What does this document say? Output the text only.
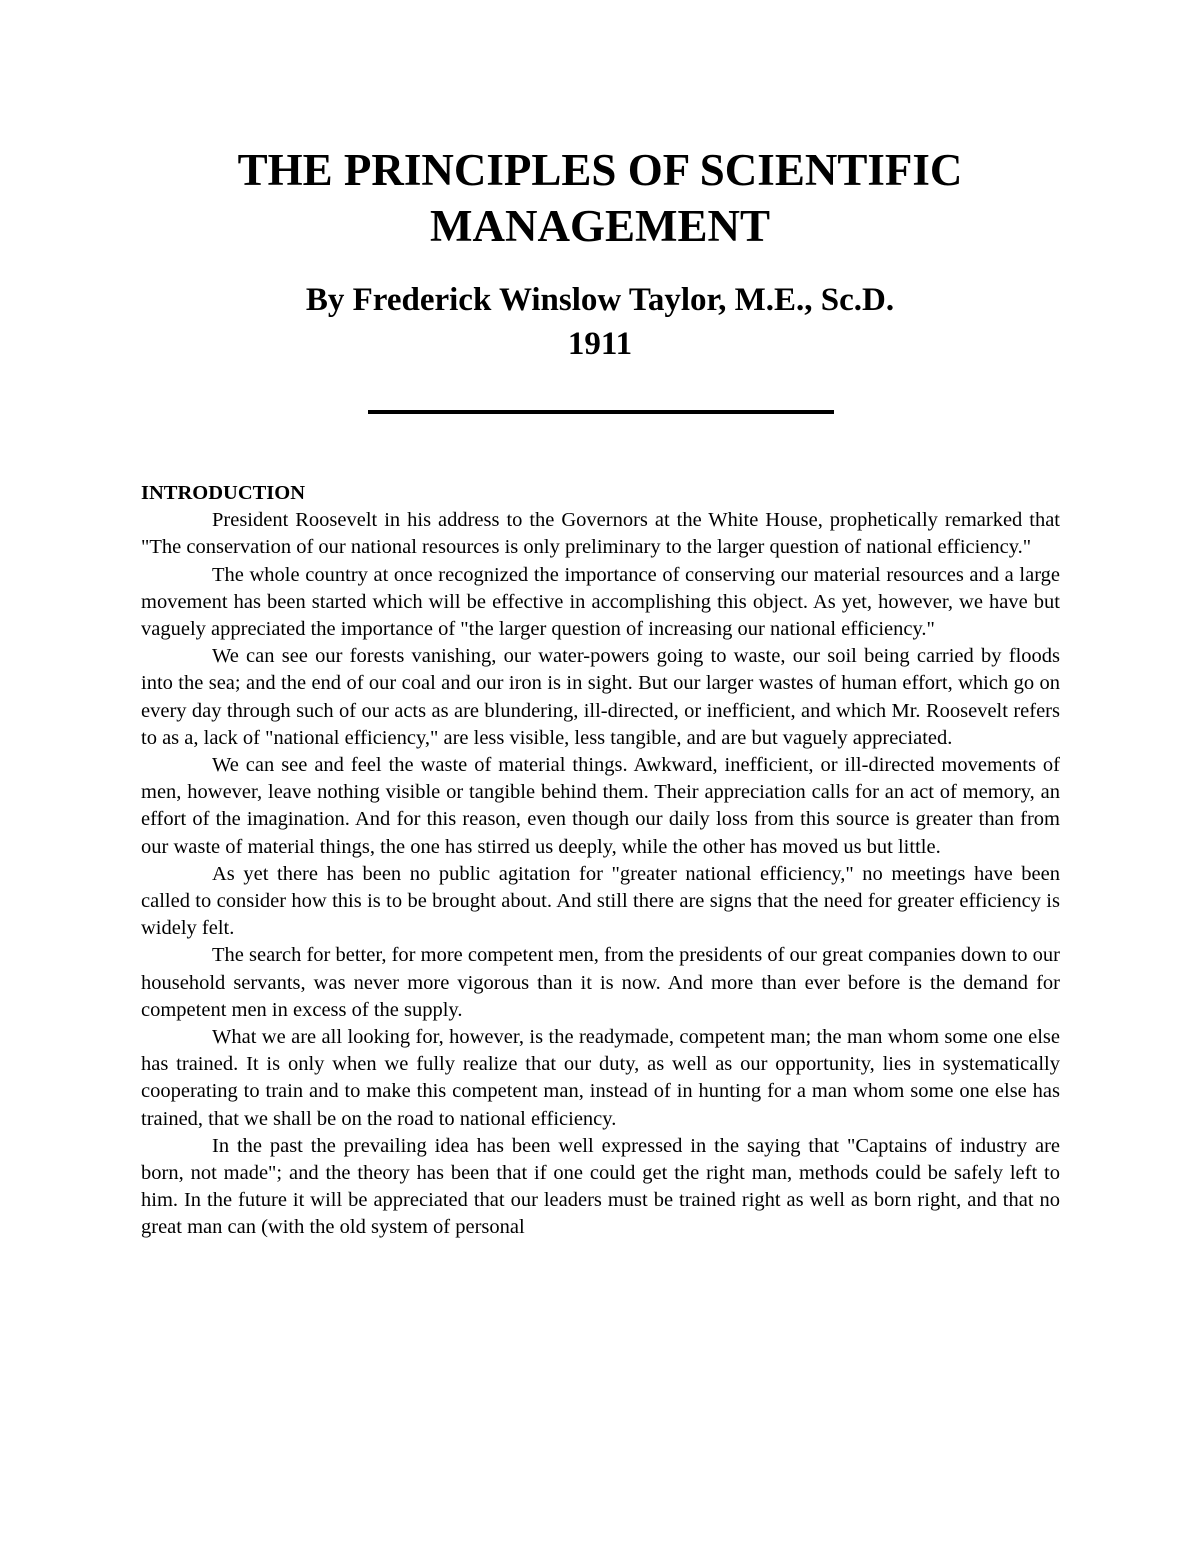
THE PRINCIPLES OF SCIENTIFIC
MANAGEMENT
By Frederick Winslow Taylor, M.E., Sc.D.
1911

INTRODUCTION

President Roosevelt in his address to the Governors at the White House, prophetically remarked that "The conservation of our national resources is only preliminary to the larger question of national efficiency."

The whole country at once recognized the importance of conserving our material resources and a large movement has been started which will be effective in accomplishing this object. As yet, however, we have but vaguely appreciated the importance of "the larger question of increasing our national efficiency."

We can see our forests vanishing, our water-powers going to waste, our soil being carried by floods into the sea; and the end of our coal and our iron is in sight. But our larger wastes of human effort, which go on every day through such of our acts as are blundering, ill-directed, or inefficient, and which Mr. Roosevelt refers to as a, lack of "national efficiency," are less visible, less tangible, and are but vaguely appreciated.

We can see and feel the waste of material things. Awkward, inefficient, or ill-directed movements of men, however, leave nothing visible or tangible behind them. Their appreciation calls for an act of memory, an effort of the imagination. And for this reason, even though our daily loss from this source is greater than from our waste of material things, the one has stirred us deeply, while the other has moved us but little.

As yet there has been no public agitation for "greater national efficiency," no meetings have been called to consider how this is to be brought about. And still there are signs that the need for greater efficiency is widely felt.

The search for better, for more competent men, from the presidents of our great companies down to our household servants, was never more vigorous than it is now. And more than ever before is the demand for competent men in excess of the supply.

What we are all looking for, however, is the readymade, competent man; the man whom some one else has trained. It is only when we fully realize that our duty, as well as our opportunity, lies in systematically cooperating to train and to make this competent man, instead of in hunting for a man whom some one else has trained, that we shall be on the road to national efficiency.

In the past the prevailing idea has been well expressed in the saying that "Captains of industry are born, not made"; and the theory has been that if one could get the right man, methods could be safely left to him. In the future it will be appreciated that our leaders must be trained right as well as born right, and that no great man can (with the old system of personal
